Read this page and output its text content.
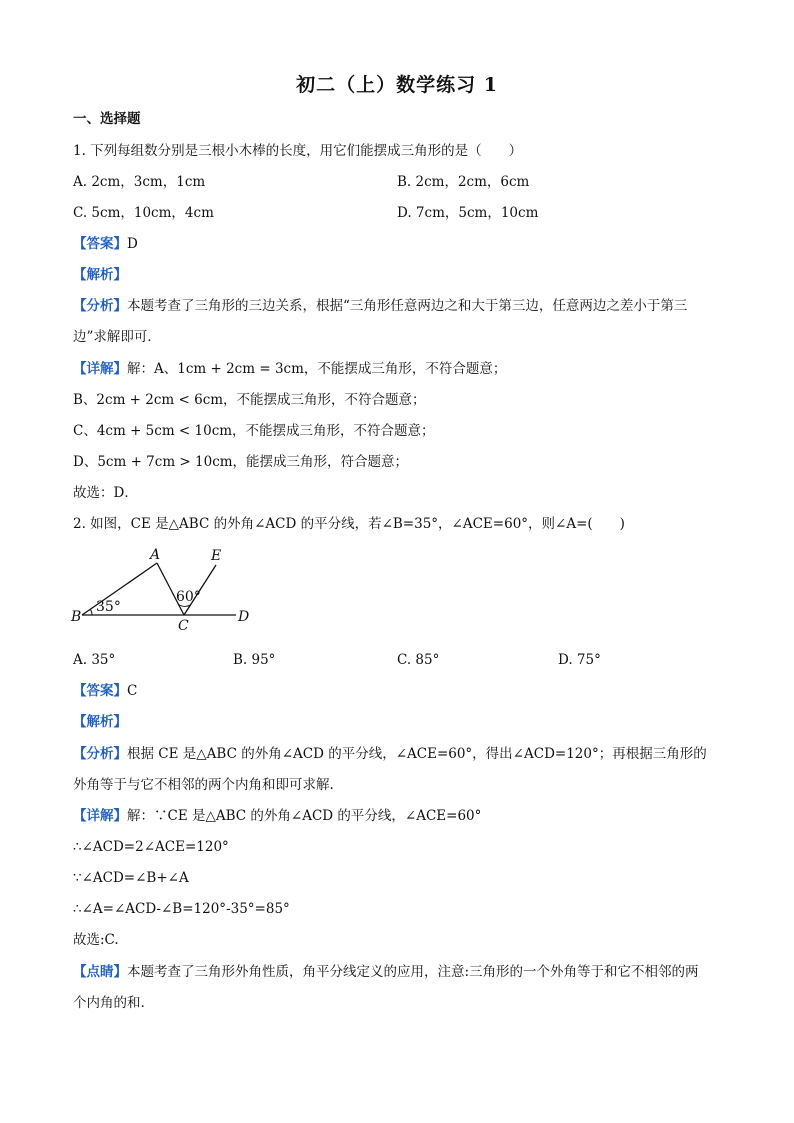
初二（上）数学练习 1
一、选择题
1. 下列每组数分别是三根小木棒的长度，用它们能摆成三角形的是（　　）
A. 2cm，3cm，1cm	B. 2cm，2cm，6cm
C. 5cm，10cm，4cm	D. 7cm，5cm，10cm
【答案】D
【解析】
【分析】本题考查了三角形的三边关系，根据“三角形任意两边之和大于第三边，任意两边之差小于第三
边”求解即可．
【详解】解：A、1cm + 2cm = 3cm，不能摆成三角形，不符合题意；
B、2cm + 2cm < 6cm，不能摆成三角形，不符合题意；
C、4cm + 5cm < 10cm，不能摆成三角形，不符合题意；
D、5cm + 7cm > 10cm，能摆成三角形，符合题意；
故选：D．
2. 如图，CE 是△ABC 的外角∠ACD 的平分线，若∠B=35°，∠ACE=60°，则∠A=(　　)
A	E
B
C
D
35°
60°
A. 35°	B. 95°	C. 85°	D. 75°
【答案】C
【解析】
【分析】根据 CE 是△ABC 的外角∠ACD 的平分线，∠ACE=60°，得出∠ACD=120°；再根据三角形的
外角等于与它不相邻的两个内角和即可求解.
【详解】解：∵CE 是△ABC 的外角∠ACD 的平分线，∠ACE=60°
∴∠ACD=2∠ACE=120°
∵∠ACD=∠B+∠A
∴∠A=∠ACD-∠B=120°-35°=85°
故选:C.
【点睛】本题考查了三角形外角性质，角平分线定义的应用，注意:三角形的一个外角等于和它不相邻的两
个内角的和.
